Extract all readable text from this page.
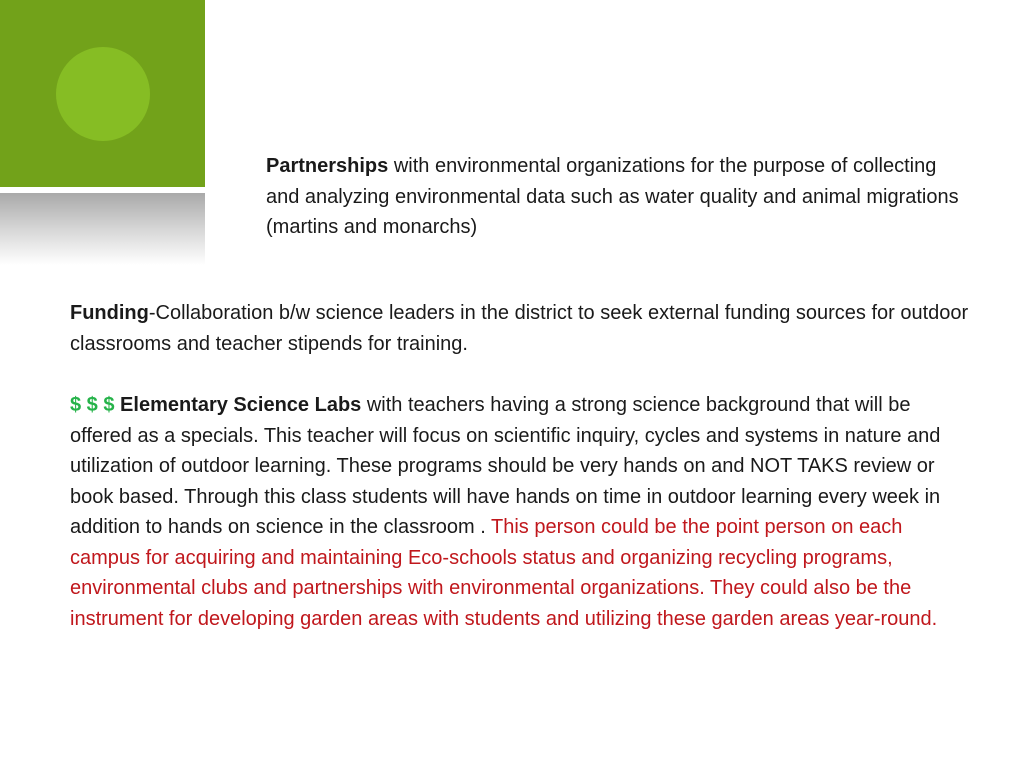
Partnerships with environmental organizations for the purpose of collecting and analyzing environmental data such as water quality and animal migrations (martins and monarchs)

Funding-Collaboration b/w science leaders in the district to seek external funding sources for outdoor classrooms and teacher stipends for training.

$ $ $ Elementary Science Labs with teachers having a strong science background that will be offered as a specials. This teacher will focus on scientific inquiry, cycles and systems in nature and utilization of outdoor learning. These programs should be very hands on and NOT TAKS review or book based. Through this class students will have hands on time in outdoor learning every week in addition to hands on science in the classroom . This person could be the point person on each campus for acquiring and maintaining Eco-schools status and organizing recycling programs, environmental clubs and partnerships with environmental organizations. They could also be the instrument for developing garden areas with students and utilizing these garden areas year-round.
